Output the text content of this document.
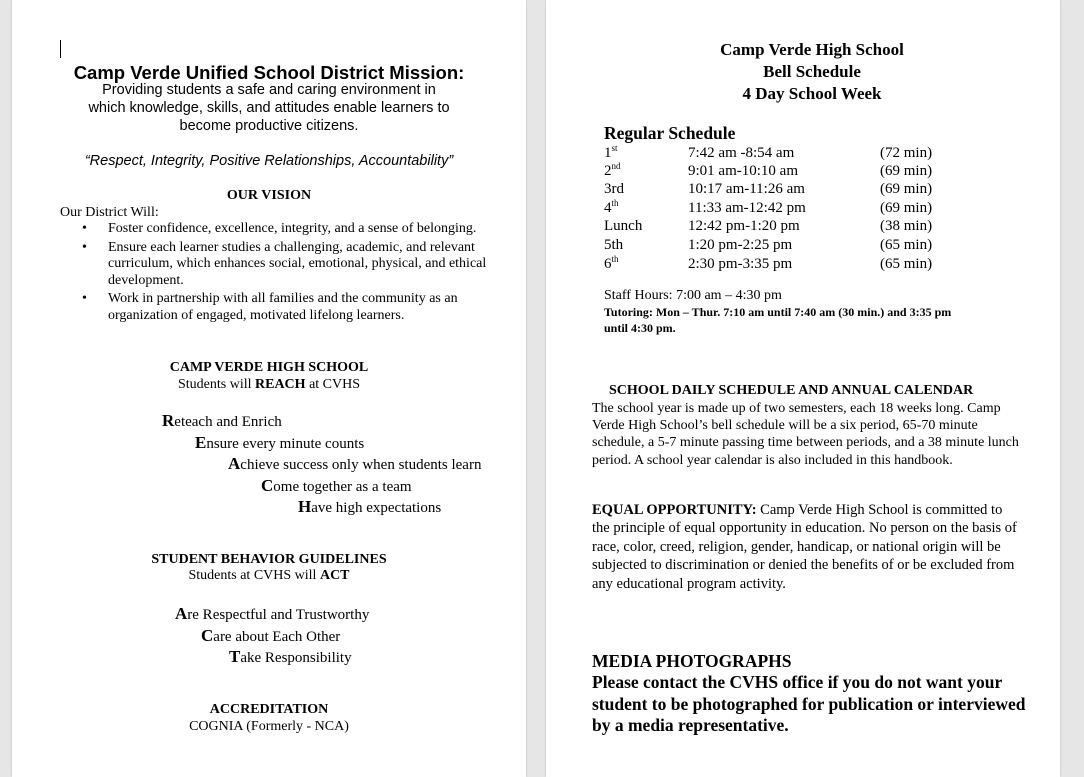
Camp Verde Unified School District Mission:
Providing students a safe and caring environment in
which knowledge, skills, and attitudes enable learners to
become productive citizens.
“Respect, Integrity, Positive Relationships, Accountability”
OUR VISION
Our District Will:
• Foster confidence, excellence, integrity, and a sense of belonging.
• Ensure each learner studies a challenging, academic, and relevant curriculum, which enhances social, emotional, physical, and ethical development.
• Work in partnership with all families and the community as an organization of engaged, motivated lifelong learners.
CAMP VERDE HIGH SCHOOL
Students will REACH at CVHS
Reteach and Enrich
Ensure every minute counts
Achieve success only when students learn
Come together as a team
Have high expectations
STUDENT BEHAVIOR GUIDELINES
Students at CVHS will ACT
Are Respectful and Trustworthy
Care about Each Other
Take Responsibility
ACCREDITATION
COGNIA (Formerly - NCA)
Camp Verde High School
Bell Schedule
4 Day School Week
Regular Schedule
1st	7:42 am -8:54 am	(72 min)
2nd	9:01 am-10:10 am	(69 min)
3rd	10:17 am-11:26 am	(69 min)
4th	11:33 am-12:42 pm	(69 min)
Lunch	12:42 pm-1:20 pm	(38 min)
5th	1:20 pm-2:25 pm	(65 min)
6th	2:30 pm-3:35 pm	(65 min)
Staff Hours: 7:00 am – 4:30 pm
Tutoring: Mon – Thur. 7:10 am until 7:40 am (30 min.) and 3:35 pm
until 4:30 pm.
SCHOOL DAILY SCHEDULE AND ANNUAL CALENDAR
The school year is made up of two semesters, each 18 weeks long. Camp Verde High School’s bell schedule will be a six period, 65-70 minute schedule, a 5-7 minute passing time between periods, and a 38 minute lunch period. A school year calendar is also included in this handbook.
EQUAL OPPORTUNITY: Camp Verde High School is committed to the principle of equal opportunity in education. No person on the basis of race, color, creed, religion, gender, handicap, or national origin will be subjected to discrimination or denied the benefits of or be excluded from any educational program activity.
MEDIA PHOTOGRAPHS
Please contact the CVHS office if you do not want your student to be photographed for publication or interviewed by a media representative.
